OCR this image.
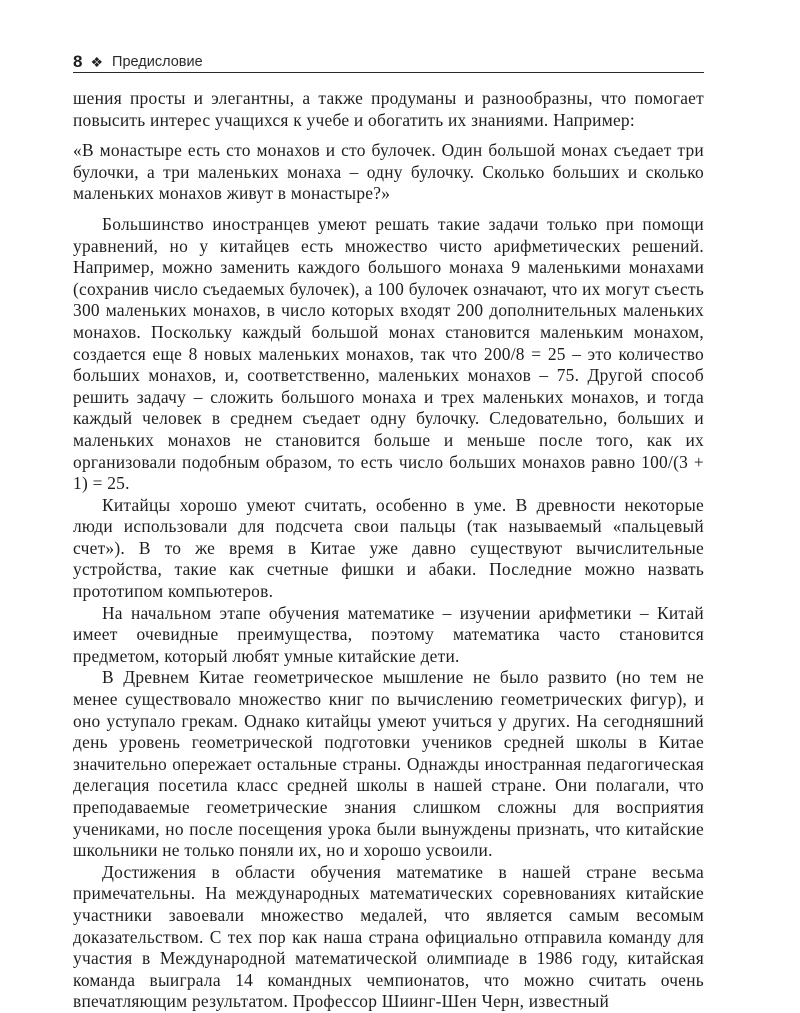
8 ❖ Предисловие

шения просты и элегантны, а также продуманы и разнообразны, что помогает повысить интерес учащихся к учебе и обогатить их знаниями. Например:

«В монастыре есть сто монахов и сто булочек. Один большой монах съедает три булочки, а три маленьких монаха – одну булочку. Сколько больших и сколько маленьких монахов живут в монастыре?»

Большинство иностранцев умеют решать такие задачи только при помощи уравнений, но у китайцев есть множество чисто арифметических решений. Например, можно заменить каждого большого монаха 9 маленькими монахами (сохранив число съедаемых булочек), а 100 булочек означают, что их могут съесть 300 маленьких монахов, в число которых входят 200 дополнительных маленьких монахов. Поскольку каждый большой монах становится маленьким монахом, создается еще 8 новых маленьких монахов, так что 200/8 = 25 – это количество больших монахов, и, соответственно, маленьких монахов – 75. Другой способ решить задачу – сложить большого монаха и трех маленьких монахов, и тогда каждый человек в среднем съедает одну булочку. Следовательно, больших и маленьких монахов не становится больше и меньше после того, как их организовали подобным образом, то есть число больших монахов равно 100/(3 + 1) = 25.

Китайцы хорошо умеют считать, особенно в уме. В древности некоторые люди использовали для подсчета свои пальцы (так называемый «пальцевый счет»). В то же время в Китае уже давно существуют вычислительные устройства, такие как счетные фишки и абаки. Последние можно назвать прототипом компьютеров.

На начальном этапе обучения математике – изучении арифметики – Китай имеет очевидные преимущества, поэтому математика часто становится предметом, который любят умные китайские дети.

В Древнем Китае геометрическое мышление не было развито (но тем не менее существовало множество книг по вычислению геометрических фигур), и оно уступало грекам. Однако китайцы умеют учиться у других. На сегодняшний день уровень геометрической подготовки учеников средней школы в Китае значительно опережает остальные страны. Однажды иностранная педагогическая делегация посетила класс средней школы в нашей стране. Они полагали, что преподаваемые геометрические знания слишком сложны для восприятия учениками, но после посещения урока были вынуждены признать, что китайские школьники не только поняли их, но и хорошо усвоили.

Достижения в области обучения математике в нашей стране весьма примечательны. На международных математических соревнованиях китайские участники завоевали множество медалей, что является самым весомым доказательством. С тех пор как наша страна официально отправила команду для участия в Международной математической олимпиаде в 1986 году, китайская команда выиграла 14 командных чемпионатов, что можно считать очень впечатляющим результатом. Профессор Шиинг-Шен Черн, известный
